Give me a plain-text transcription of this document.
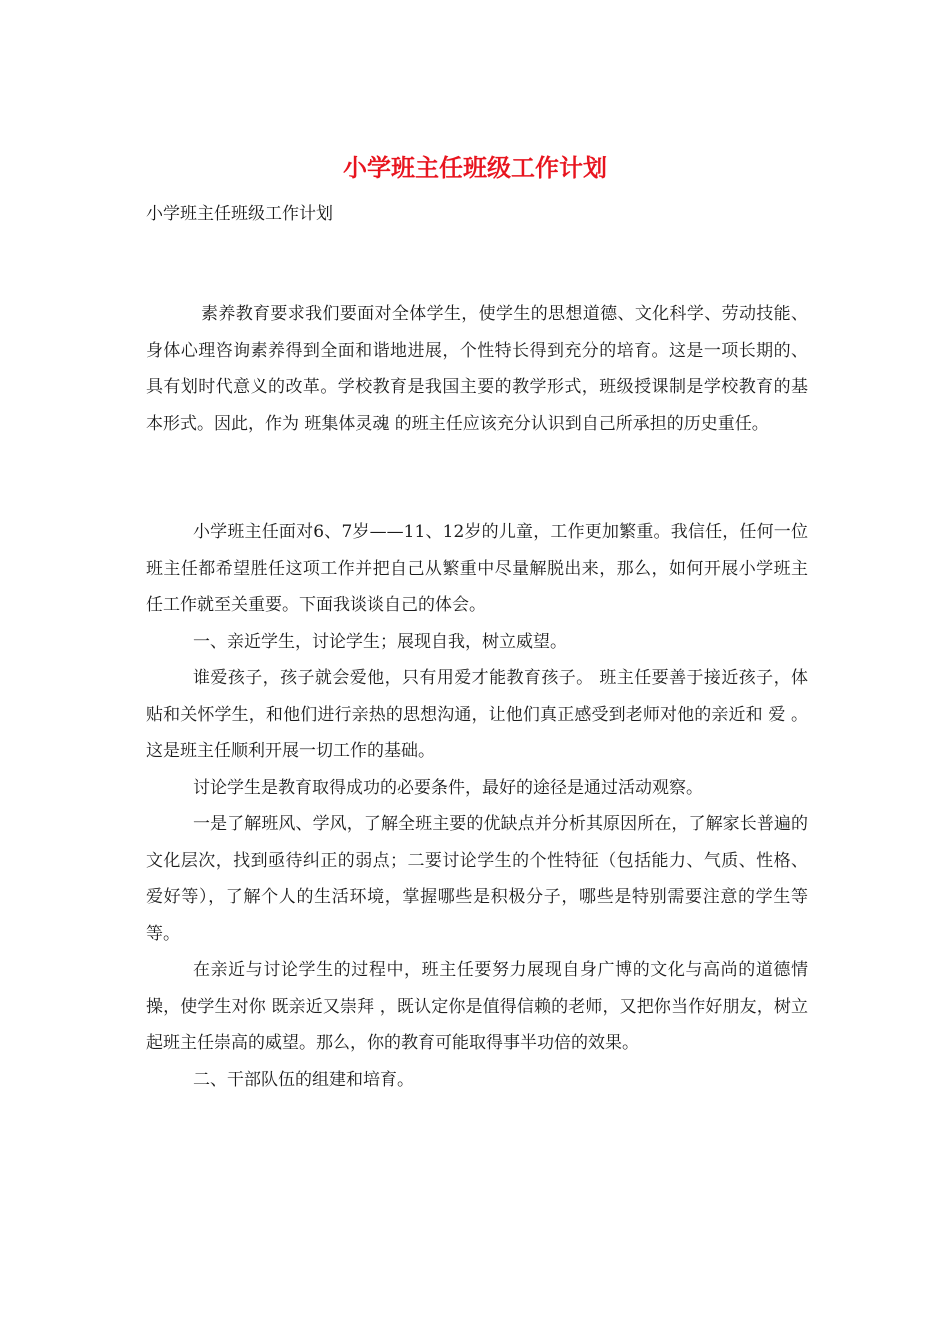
小学班主任班级工作计划
小学班主任班级工作计划

素养教育要求我们要面对全体学生，使学生的思想道德、文化科学、劳动技能、身体心理咨询素养得到全面和谐地进展，个性特长得到充分的培育。这是一项长期的、具有划时代意义的改革。学校教育是我国主要的教学形式，班级授课制是学校教育的基本形式。因此，作为 班集体灵魂 的班主任应该充分认识到自己所承担的历史重任。

小学班主任面对6、7岁——11、12岁的儿童，工作更加繁重。我信任，任何一位班主任都希望胜任这项工作并把自己从繁重中尽量解脱出来，那么，如何开展小学班主任工作就至关重要。下面我谈谈自己的体会。

一、亲近学生，讨论学生；展现自我，树立威望。

谁爱孩子，孩子就会爱他，只有用爱才能教育孩子。 班主任要善于接近孩子，体贴和关怀学生，和他们进行亲热的思想沟通，让他们真正感受到老师对他的亲近和 爱 。这是班主任顺利开展一切工作的基础。

讨论学生是教育取得成功的必要条件，最好的途径是通过活动观察。

一是了解班风、学风，了解全班主要的优缺点并分析其原因所在，了解家长普遍的文化层次，找到亟待纠正的弱点；二要讨论学生的个性特征（包括能力、气质、性格、爱好等），了解个人的生活环境，掌握哪些是积极分子，哪些是特别需要注意的学生等等。

在亲近与讨论学生的过程中，班主任要努力展现自身广博的文化与高尚的道德情操，使学生对你 既亲近又崇拜 ，既认定你是值得信赖的老师，又把你当作好朋友，树立起班主任崇高的威望。那么，你的教育可能取得事半功倍的效果。

二、干部队伍的组建和培育。
